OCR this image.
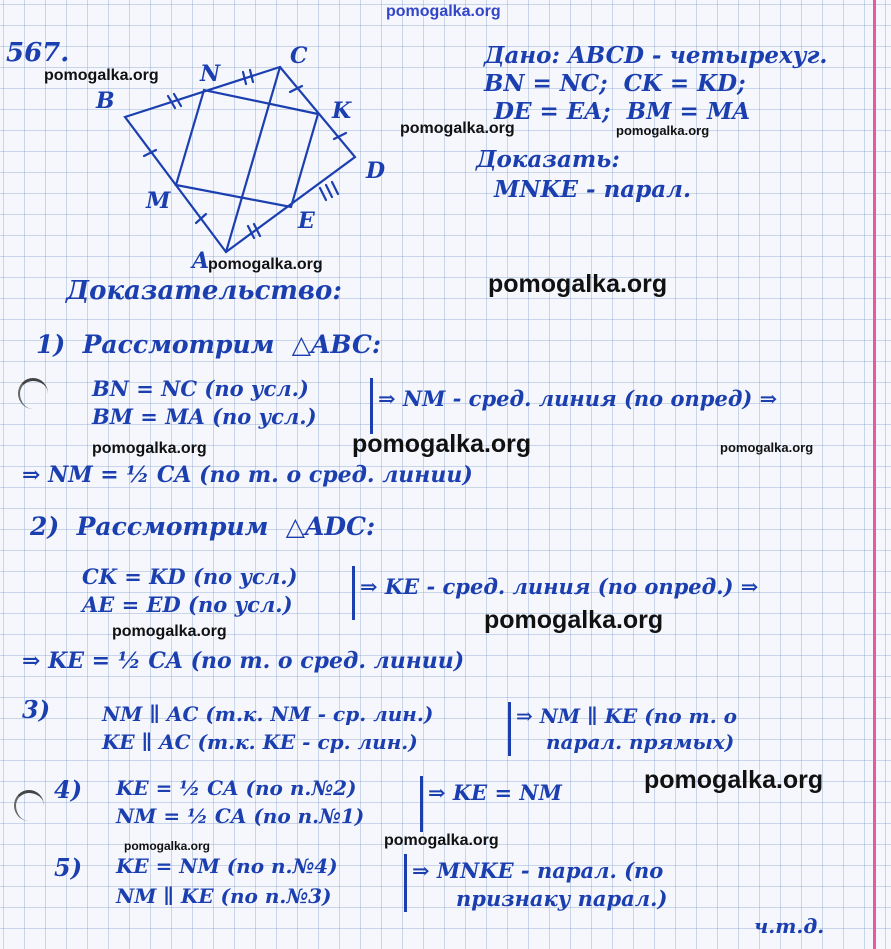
pomogalka.org

567.

B

N

C

K

D

E

M

A

Дано: ABCD - четырехуг.

BN = NC;  CK = KD;

DE = EA;  BM = MA

Доказать:

MNKE - парал.

Доказательство:

1)  Рассмотрим  △ABC:

BN = NC (по усл.)

BM = MA (по усл.)

⇒ NM - сред. линия (по опред) ⇒

⇒ NM = ½ CA (по т. о сред. линии)

2)  Рассмотрим  △ADC:

CK = KD (по усл.)

AE = ED (по усл.)

⇒ KE - сред. линия (по опред.) ⇒

⇒ KE = ½ CA (по т. о сред. линии)

3)	NM ∥ AC (т.к. NM - ср. лин.)

KE ∥ AC (т.к. KE - ср. лин.)

⇒ NM ∥ KE (по т. о

парал. прямых)

4) KE = ½ CA (по п.№2)

NM = ½ CA (по п.№1)

⇒ KE = NM

5) KE = NM (по п.№4)

NM ∥ KE (по п.№3)

⇒ MNKE - парал. (по

признаку парал.)

ч.т.д.

pomogalka.org

pomogalka.org	pomogalka.org

pomogalka.org

pomogalka.org

pomogalka.org	pomogalka.org	pomogalka.org

pomogalka.org	pomogalka.org

pomogalka.org

pomogalka.org	pomogalka.org
